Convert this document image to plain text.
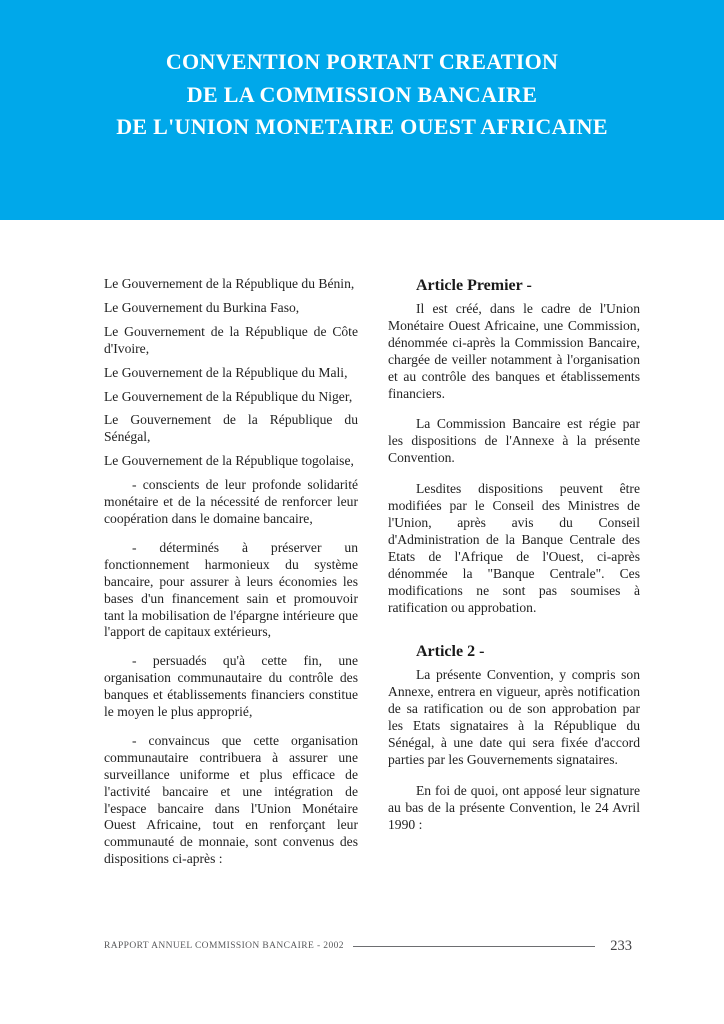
CONVENTION PORTANT CREATION
DE LA COMMISSION BANCAIRE
DE L'UNION MONETAIRE OUEST AFRICAINE

Le Gouvernement de la République du Bénin,

Le Gouvernement du Burkina Faso,

Le Gouvernement de la République de Côte d'Ivoire,

Le Gouvernement de la République du Mali,

Le Gouvernement de la République du Niger,

Le Gouvernement de la République du Sénégal,

Le Gouvernement de la République togolaise,

- conscients de leur profonde solidarité monétaire et de la nécessité de renforcer leur coopération dans le domaine bancaire,

- déterminés à préserver un fonctionnement harmonieux du système bancaire, pour assurer à leurs économies les bases d'un financement sain et promouvoir tant la mobilisation de l'épargne intérieure que l'apport de capitaux extérieurs,

- persuadés qu'à cette fin, une organisation communautaire du contrôle des banques et établissements financiers constitue le moyen le plus approprié,

- convaincus que cette organisation communautaire contribuera à assurer une surveillance uniforme et plus efficace de l'activité bancaire et une intégration de l'espace bancaire dans l'Union Monétaire Ouest Africaine, tout en renforçant leur communauté de monnaie, sont convenus des dispositions ci-après :

Article Premier -

Il est créé, dans le cadre de l'Union Monétaire Ouest Africaine, une Commission, dénommée ci-après la Commission Bancaire, chargée de veiller notamment à l'organisation et au contrôle des banques et établissements financiers.

La Commission Bancaire est régie par les dispositions de l'Annexe à la présente Convention.

Lesdites dispositions peuvent être modifiées par le Conseil des Ministres de l'Union, après avis du Conseil d'Administration de la Banque Centrale des Etats de l'Afrique de l'Ouest, ci-après dénommée la "Banque Centrale". Ces modifications ne sont pas soumises à ratification ou approbation.

Article 2 -

La présente Convention, y compris son Annexe, entrera en vigueur, après notification de sa ratification ou de son approbation par les Etats signataires à la République du Sénégal, à une date qui sera fixée d'accord parties par les Gouvernements signataires.

En foi de quoi, ont apposé leur signature au bas de la présente Convention, le 24 Avril 1990 :

RAPPORT ANNUEL COMMISSION BANCAIRE - 2002	233
